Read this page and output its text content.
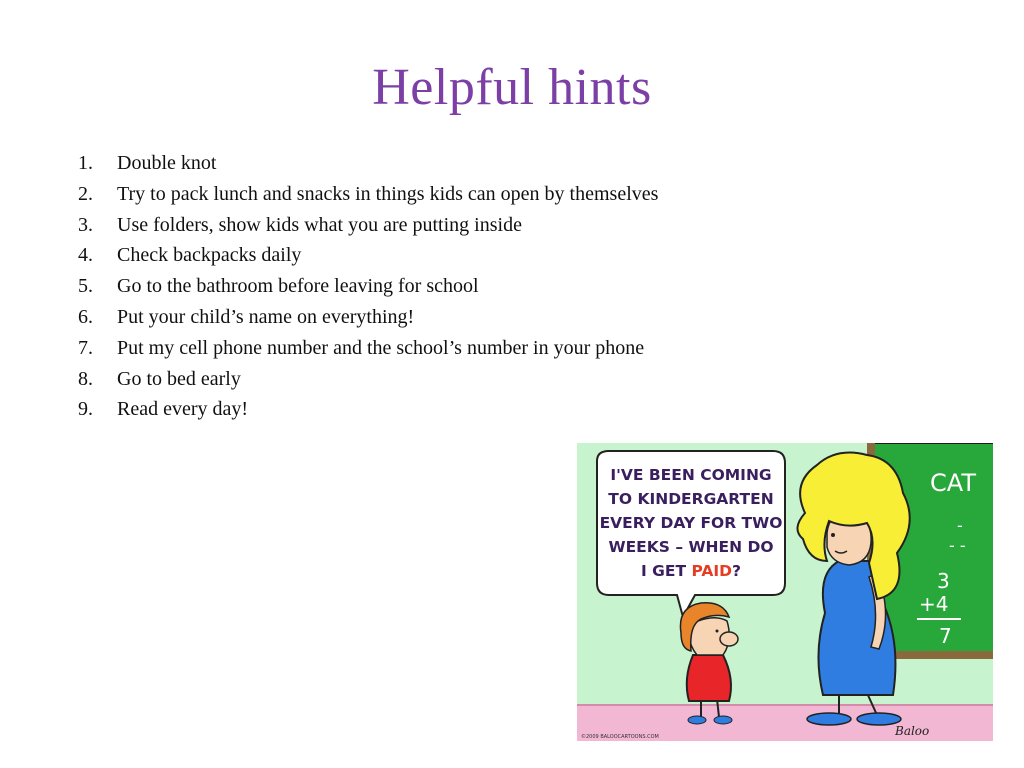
Helpful hints
1.	Double knot
2.	Try to pack lunch and snacks in things kids can open by themselves
3.	Use folders, show kids what you are putting inside
4.	Check backpacks daily
5.	Go to the bathroom before leaving for school
6.	Put your child’s name on everything!
7.	Put my cell phone number and the school’s number in your phone
8.	Go to bed early
9.	Read every day!
CAT
-
- -
3
+4
7
I'VE BEEN COMING
TO KINDERGARTEN
EVERY DAY FOR TWO
WEEKS – WHEN DO
I GET PAID?
Baloo
©2009 BALOOCARTOONS.COM
